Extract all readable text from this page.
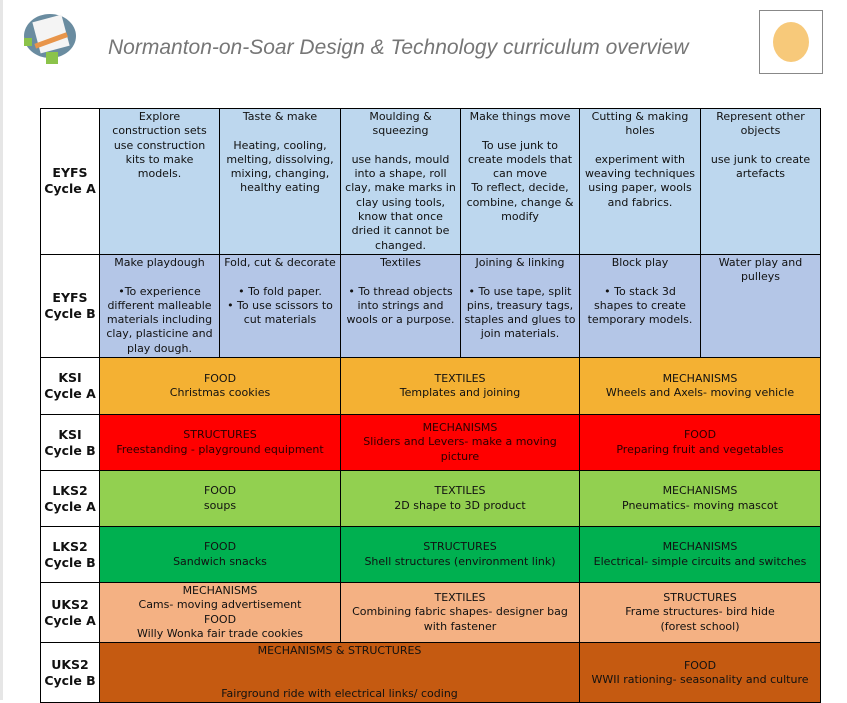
Normanton-on-Soar Design & Technology curriculum overview
EYFS
Cycle A	Explore construction sets
use construction kits to make models.	Taste & make

Heating, cooling, melting, dissolving, mixing, changing, healthy eating	Moulding & squeezing

use hands, mould into a shape, roll clay, make marks in clay using tools, know that once dried it cannot be changed.	Make things move

To use junk to create models that can move
To reflect, decide, combine, change & modify	Cutting & making holes

experiment with weaving techniques using paper, wools and fabrics.	Represent other objects

use junk to create artefacts
EYFS
Cycle B	Make playdough

•To experience different malleable materials including clay, plasticine and play dough.	Fold, cut & decorate

• To fold paper.
• To use scissors to cut materials	Textiles

• To thread objects into strings and wools or a purpose.	Joining & linking

• To use tape, split pins, treasury tags, staples and glues to join materials.	Block play

• To stack 3d shapes to create temporary models.	Water play and pulleys
KSI
Cycle A	FOOD
Christmas cookies		TEXTILES
Templates and joining		MECHANISMS
Wheels and Axels- moving vehicle	
KSI
Cycle B	STRUCTURES
Freestanding - playground equipment		MECHANISMS
Sliders and Levers- make a moving picture		FOOD
Preparing fruit and vegetables	
LKS2
Cycle A	FOOD
soups		TEXTILES
2D shape to 3D product		MECHANISMS
Pneumatics- moving mascot	
LKS2
Cycle B	FOOD
Sandwich snacks		STRUCTURES
Shell structures (environment link)		MECHANISMS
Electrical- simple circuits and switches	
UKS2
Cycle A	MECHANISMS
Cams- moving advertisement
FOOD
Willy Wonka fair trade cookies		TEXTILES
Combining fabric shapes- designer bag with fastener		STRUCTURES
Frame structures- bird hide
(forest school)	
UKS2
Cycle B	MECHANISMS & STRUCTURES

Fairground ride with electrical links/ coding				FOOD
WWII rationing- seasonality and culture	
